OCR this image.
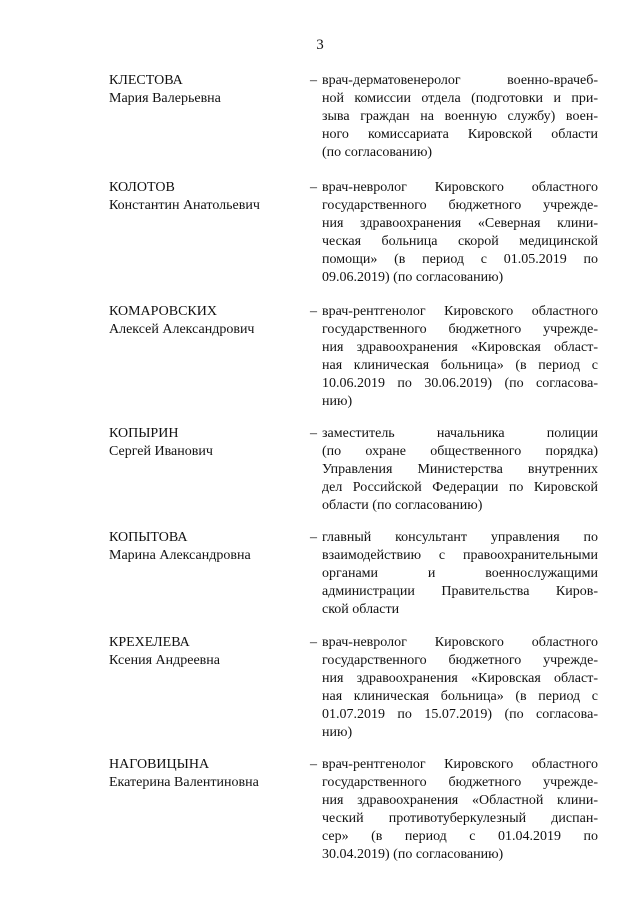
3
КЛЕСТОВА
Мария Валерьевна
– врач-дерматовенеролог военно-врачеб-
ной комиссии отдела (подготовки и при-
зыва граждан на военную службу) воен-
ного комиссариата Кировской области
(по согласованию)
КОЛОТОВ
Константин Анатольевич
– врач-невролог Кировского областного
государственного бюджетного учрежде-
ния здравоохранения «Северная клини-
ческая больница скорой медицинской
помощи» (в период с 01.05.2019 по
09.06.2019) (по согласованию)
КОМАРОВСКИХ
Алексей Александрович
– врач-рентгенолог Кировского областного
государственного бюджетного учрежде-
ния здравоохранения «Кировская област-
ная клиническая больница» (в период с
10.06.2019 по 30.06.2019) (по согласова-
нию)
КОПЫРИН
Сергей Иванович
– заместитель начальника полиции
(по охране общественного порядка)
Управления Министерства внутренних
дел Российской Федерации по Кировской
области (по согласованию)
КОПЫТОВА
Марина Александровна
– главный консультант управления по
взаимодействию с правоохранительными
органами и военнослужащими
администрации Правительства Киров-
ской области
КРЕХЕЛЕВА
Ксения Андреевна
– врач-невролог Кировского областного
государственного бюджетного учрежде-
ния здравоохранения «Кировская област-
ная клиническая больница» (в период с
01.07.2019 по 15.07.2019) (по согласова-
нию)
НАГОВИЦЫНА
Екатерина Валентиновна
– врач-рентгенолог Кировского областного
государственного бюджетного учрежде-
ния здравоохранения «Областной клини-
ческий противотуберкулезный диспан-
сер» (в период с 01.04.2019 по
30.04.2019) (по согласованию)
